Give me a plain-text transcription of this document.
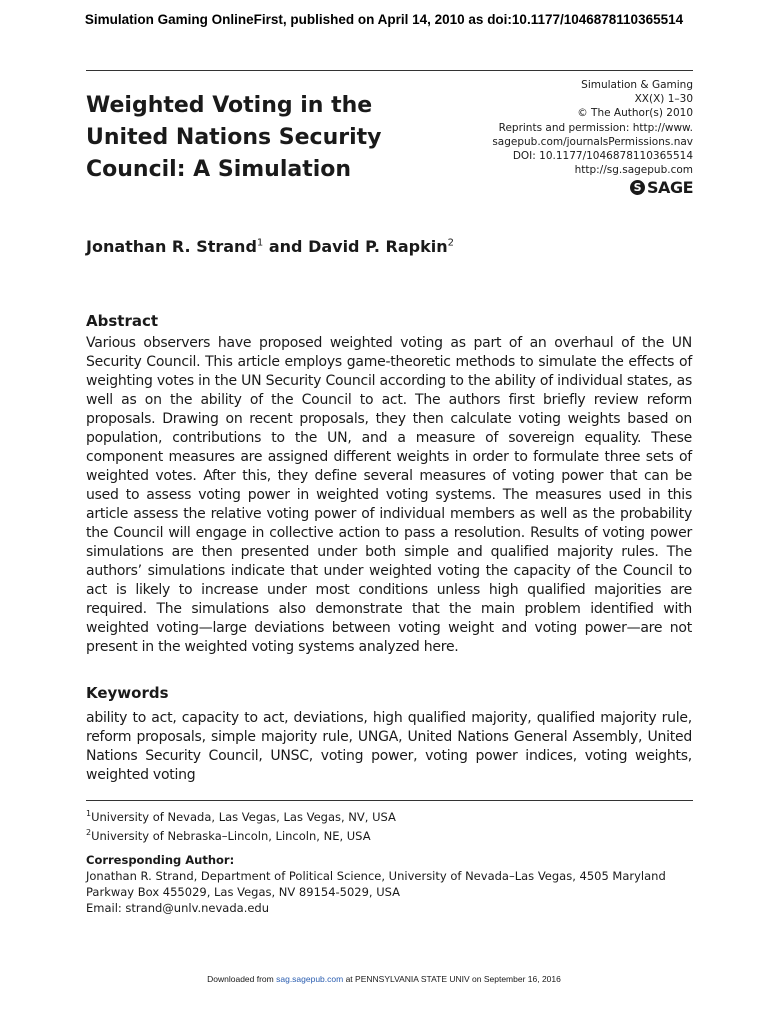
Simulation Gaming OnlineFirst, published on April 14, 2010 as doi:10.1177/1046878110365514
Weighted Voting in the
United Nations Security
Council: A Simulation
Simulation & Gaming
XX(X) 1–30
© The Author(s) 2010
Reprints and permission: http://www.
sagepub.com/journalsPermissions.nav
DOI: 10.1177/1046878110365514
http://sg.sagepub.com
S SAGE
Jonathan R. Strand$^1$ and David P. Rapkin$^2$
Abstract
Various observers have proposed weighted voting as part of an overhaul of the UN Security Council. This article employs game-theoretic methods to simulate the effects of weighting votes in the UN Security Council according to the ability of individual states, as well as on the ability of the Council to act. The authors first briefly review reform proposals. Drawing on recent proposals, they then calculate voting weights based on population, contributions to the UN, and a measure of sovereign equality. These component measures are assigned different weights in order to formulate three sets of weighted votes. After this, they define several measures of voting power that can be used to assess voting power in weighted voting systems. The measures used in this article assess the relative voting power of individual members as well as the probability the Council will engage in collective action to pass a resolution. Results of voting power simulations are then presented under both simple and qualified majority rules. The authors’ simulations indicate that under weighted voting the capacity of the Council to act is likely to increase under most conditions unless high qualified majorities are required. The simulations also demonstrate that the main problem identified with weighted voting—large deviations between voting weight and voting power—are not present in the weighted voting systems analyzed here.
Keywords
ability to act, capacity to act, deviations, high qualified majority, qualified majority rule, reform proposals, simple majority rule, UNGA, United Nations General Assembly, United Nations Security Council, UNSC, voting power, voting power indices, voting weights, weighted voting
$^1$University of Nevada, Las Vegas, Las Vegas, NV, USA
$^2$University of Nebraska–Lincoln, Lincoln, NE, USA
Corresponding Author:
Jonathan R. Strand, Department of Political Science, University of Nevada–Las Vegas, 4505 Maryland
Parkway Box 455029, Las Vegas, NV 89154-5029, USA
Email: strand@unlv.nevada.edu
Downloaded from sag.sagepub.com at PENNSYLVANIA STATE UNIV on September 16, 2016
